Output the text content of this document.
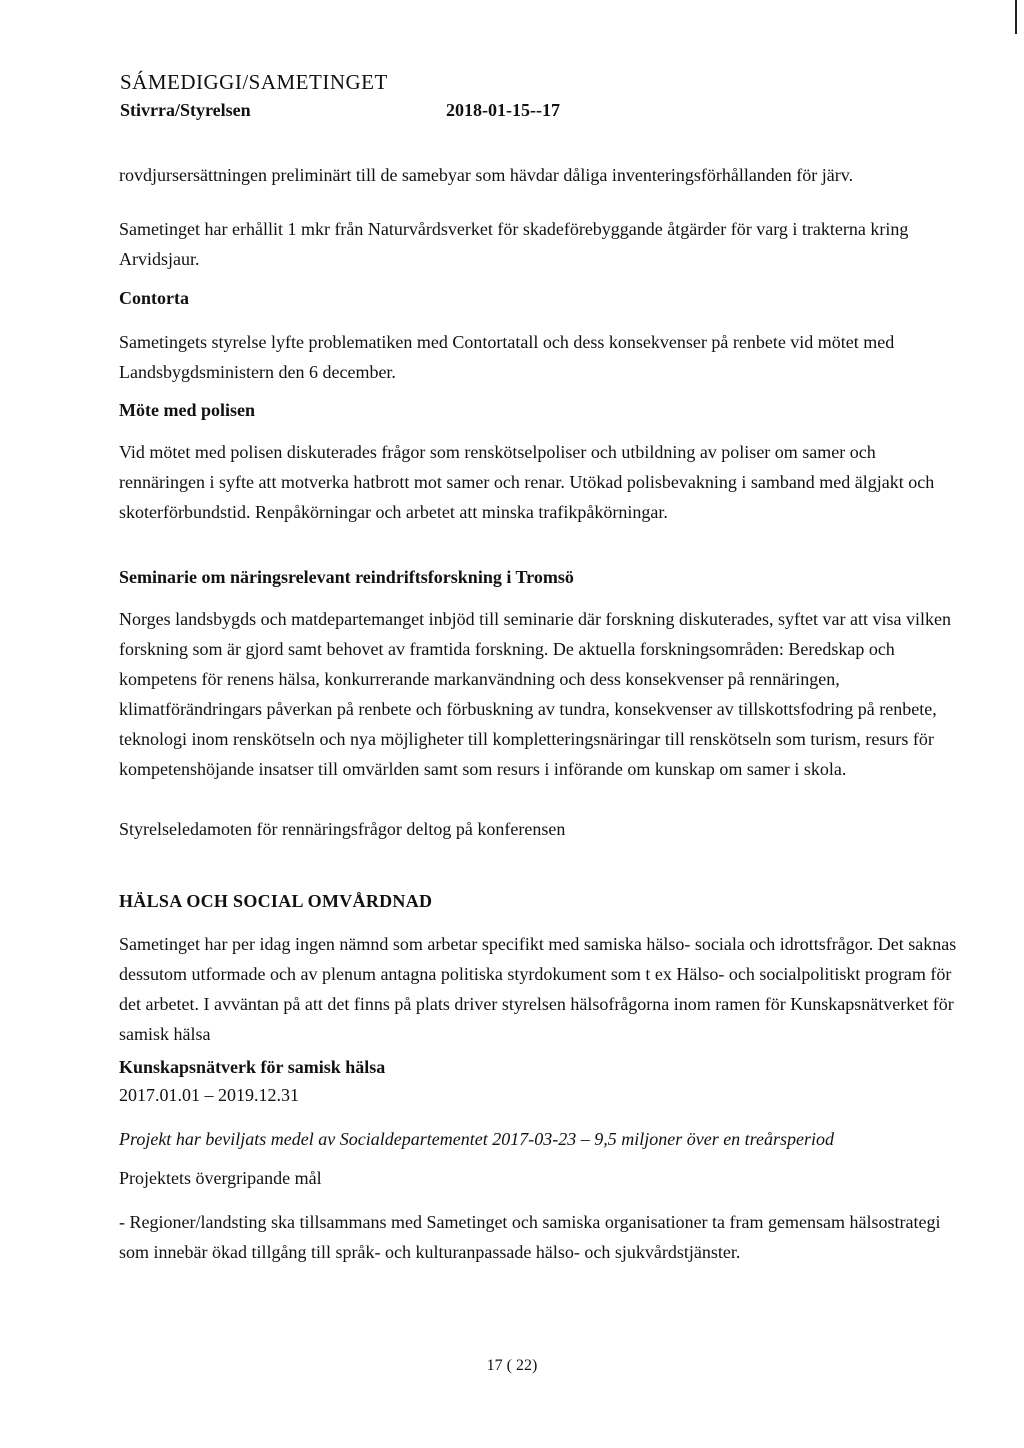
SÁMEDIGGI/SAMETINGET
Stivrra/Styrelsen	2018-01-15--17
rovdjursersättningen preliminärt till de samebyar som hävdar dåliga inventeringsförhållanden för järv.
Sametinget har erhållit 1 mkr från Naturvårdsverket för skadeförebyggande åtgärder för varg i trakterna kring Arvidsjaur.
Contorta
Sametingets styrelse lyfte problematiken med Contortatall och dess konsekvenser på renbete vid mötet med Landsbygdsministern den 6 december.
Möte med polisen
Vid mötet med polisen diskuterades frågor som renskötselpoliser och utbildning av poliser om samer och rennäringen i syfte att motverka hatbrott mot samer och renar. Utökad polisbevakning i samband med älgjakt och skoterförbundstid. Renpåkörningar och arbetet att minska trafikpåkörningar.
Seminarie om näringsrelevant reindriftsforskning i Tromsö
Norges landsbygds och matdepartemanget inbjöd till seminarie där forskning diskuterades, syftet var att visa vilken forskning som är gjord samt behovet av framtida forskning. De aktuella forskningsområden: Beredskap och kompetens för renens hälsa, konkurrerande markanvändning och dess konsekvenser på rennäringen, klimatförändringars påverkan på renbete och förbuskning av tundra, konsekvenser av tillskottsfodring på renbete, teknologi inom renskötseln och nya möjligheter till kompletteringsnäringar till renskötseln som turism, resurs för kompetenshöjande insatser till omvärlden samt som resurs i införande om kunskap om samer i skola.
Styrelseledamoten för rennäringsfrågor deltog på konferensen
HÄLSA OCH SOCIAL OMVÅRDNAD
Sametinget har per idag ingen nämnd som arbetar specifikt med samiska hälso- sociala och idrottsfrågor. Det saknas dessutom utformade och av plenum antagna politiska styrdokument som t ex Hälso- och socialpolitiskt program för det arbetet. I avväntan på att det finns på plats driver styrelsen hälsofrågorna inom ramen för Kunskapsnätverket för samisk hälsa
Kunskapsnätverk för samisk hälsa
2017.01.01 – 2019.12.31
Projekt har beviljats medel av Socialdepartementet 2017-03-23 – 9,5 miljoner över en treårsperiod
Projektets övergripande mål
- Regioner/landsting ska tillsammans med Sametinget och samiska organisationer ta fram gemensam hälsostrategi som innebär ökad tillgång till språk- och kulturanpassade hälso- och sjukvårdstjänster.
17 ( 22)
